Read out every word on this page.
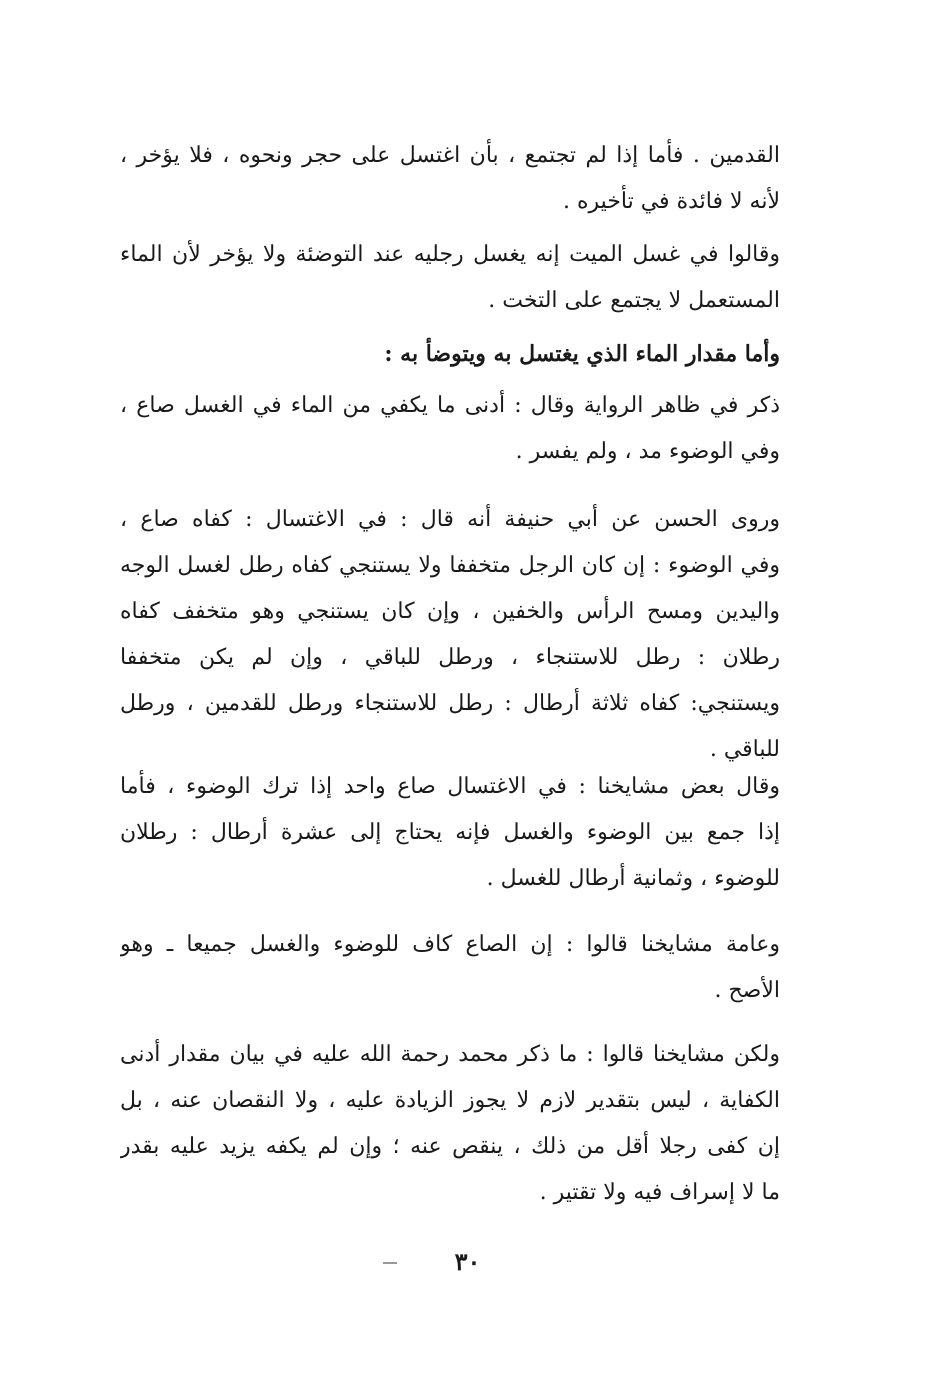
القدمين . فأما إذا لم تجتمع ، بأن اغتسل على حجر ونحوه ، فلا يؤخر ،
لأنه لا فائدة في تأخيره .
وقالوا في غسل الميت إنه يغسل رجليه عند التوضئة ولا يؤخر لأن الماء
المستعمل لا يجتمع على التخت .
وأما مقدار الماء الذي يغتسل به ويتوضأ به :
ذكر في ظاهر الرواية وقال : أدنى ما يكفي من الماء في الغسل صاع ،
وفي الوضوء مد ، ولم يفسر .
وروى الحسن عن أبي حنيفة أنه قال : في الاغتسال : كفاه صاع ،
وفي الوضوء : إن كان الرجل متخففا ولا يستنجي كفاه رطل لغسل الوجه
واليدين ومسح الرأس والخفين ، وإن كان يستنجي وهو متخفف كفاه
رطلان : رطل للاستنجاء ، ورطل للباقي ، وإن لم يكن متخففا
ويستنجي: كفاه ثلاثة أرطال : رطل للاستنجاء ورطل للقدمين ، ورطل
للباقي .
وقال بعض مشايخنا : في الاغتسال صاع واحد إذا ترك الوضوء ، فأما
إذا جمع بين الوضوء والغسل فإنه يحتاج إلى عشرة أرطال : رطلان
للوضوء ، وثمانية أرطال للغسل .
وعامة مشايخنا قالوا : إن الصاع كاف للوضوء والغسل جميعا ـ وهو
الأصح .
ولكن مشايخنا قالوا : ما ذكر محمد رحمة الله عليه في بيان مقدار أدنى
الكفاية ، ليس بتقدير لازم لا يجوز الزيادة عليه ، ولا النقصان عنه ، بل
إن كفى رجلا أقل من ذلك ، ينقص عنه ؛ وإن لم يكفه يزيد عليه بقدر
ما لا إسراف فيه ولا تقتير .
٣٠
